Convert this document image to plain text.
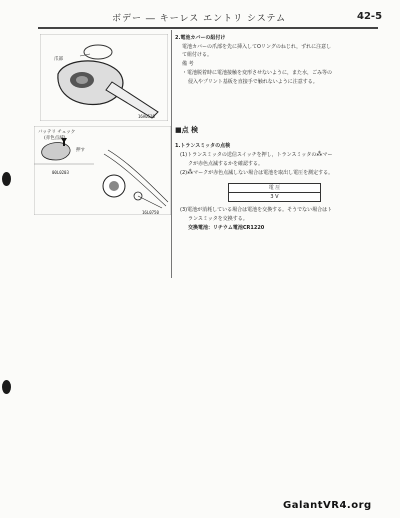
ボデー ― キーレス エントリ システム	42-5
爪部
16A0510
バッテリ チェック
(赤色点滅)
押す
00L0203
16L0750
2.電池カバーの組付け
電池カバーの爪部を先に挿入してOリングのねじれ，ずれに注意し
て組付ける。
備 考
・電池脱着時に電池接触を変形させないように，また水，ごみ等の
侵入やプリント基板を直接手で触れないように注意する。
■点 検
1.トランスミッタの点検
(1)トランスミッタの送信スイッチを押し，トランスミッタの⁂マー
クが赤色点滅するかを確認する。
(2)⁂マークが赤色点滅しない場合は電池を取出し電圧を測定する。
電 圧
3 V
(3)電池が消耗している場合は電池を交換する。そうでない場合はト
ランスミッタを交換する。
交換電池：リチウム電池CR1220
GalantVR4.org
